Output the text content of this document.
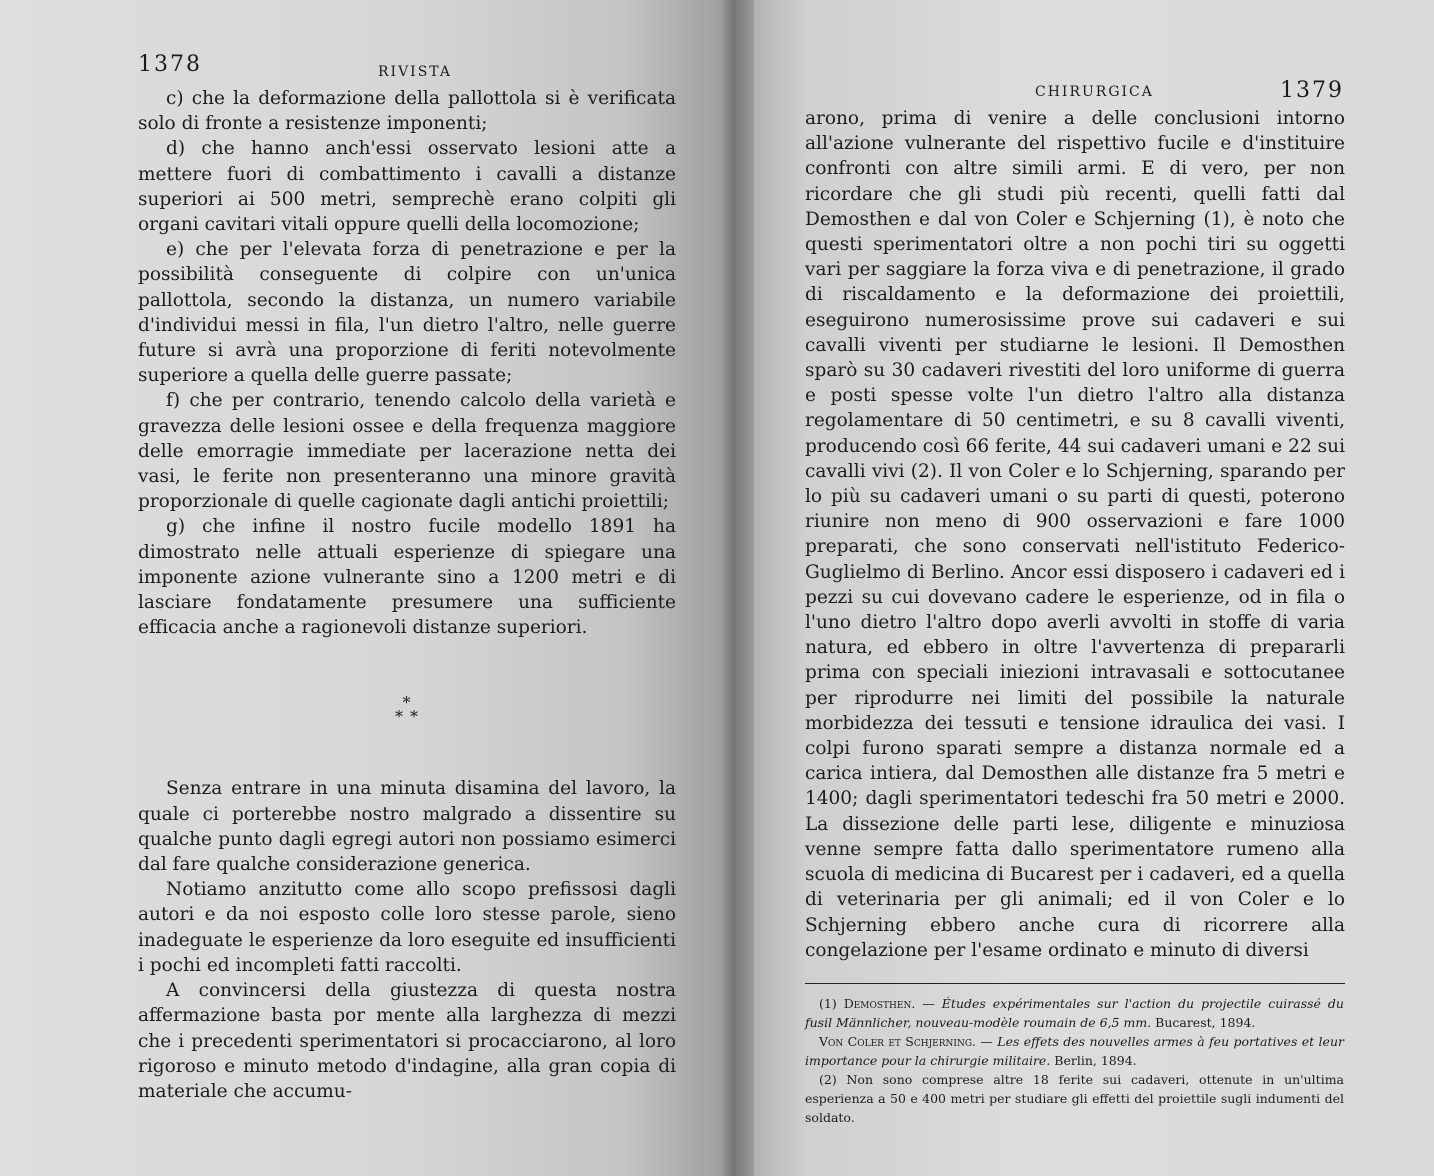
1378	RIVISTA

c) che la deformazione della pallottola si è verificata solo di fronte a resistenze imponenti;

d) che hanno anch'essi osservato lesioni atte a mettere fuori di combattimento i cavalli a distanze superiori ai 500 metri, semprechè erano colpiti gli organi cavitari vitali oppure quelli della locomozione;

e) che per l'elevata forza di penetrazione e per la possibilità conseguente di colpire con un'unica pallottola, secondo la distanza, un numero variabile d'individui messi in fila, l'un dietro l'altro, nelle guerre future si avrà una proporzione di feriti notevolmente superiore a quella delle guerre passate;

f) che per contrario, tenendo calcolo della varietà e gravezza delle lesioni ossee e della frequenza maggiore delle emorragie immediate per lacerazione netta dei vasi, le ferite non presenteranno una minore gravità proporzionale di quelle cagionate dagli antichi proiettili;

g) che infine il nostro fucile modello 1891 ha dimostrato nelle attuali esperienze di spiegare una imponente azione vulnerante sino a 1200 metri e di lasciare fondatamente presumere una sufficiente efficacia anche a ragionevoli distanze superiori.

*
* *

Senza entrare in una minuta disamina del lavoro, la quale ci porterebbe nostro malgrado a dissentire su qualche punto dagli egregi autori non possiamo esimerci dal fare qualche considerazione generica.

Notiamo anzitutto come allo scopo prefissosi dagli autori e da noi esposto colle loro stesse parole, sieno inadeguate le esperienze da loro eseguite ed insufficienti i pochi ed incompleti fatti raccolti.

A convincersi della giustezza di questa nostra affermazione basta por mente alla larghezza di mezzi che i precedenti sperimentatori si procacciarono, al loro rigoroso e minuto metodo d'indagine, alla gran copia di materiale che accumu-

CHIRURGICA	1379

arono, prima di venire a delle conclusioni intorno all'azione vulnerante del rispettivo fucile e d'instituire confronti con altre simili armi. E di vero, per non ricordare che gli studi più recenti, quelli fatti dal Demosthen e dal von Coler e Schjerning (1), è noto che questi sperimentatori oltre a non pochi tiri su oggetti vari per saggiare la forza viva e di penetrazione, il grado di riscaldamento e la deformazione dei proiettili, eseguirono numerosissime prove sui cadaveri e sui cavalli viventi per studiarne le lesioni. Il Demosthen sparò su 30 cadaveri rivestiti del loro uniforme di guerra e posti spesse volte l'un dietro l'altro alla distanza regolamentare di 50 centimetri, e su 8 cavalli viventi, producendo così 66 ferite, 44 sui cadaveri umani e 22 sui cavalli vivi (2). Il von Coler e lo Schjerning, sparando per lo più su cadaveri umani o su parti di questi, poterono riunire non meno di 900 osservazioni e fare 1000 preparati, che sono conservati nell'istituto Federico-Guglielmo di Berlino. Ancor essi disposero i cadaveri ed i pezzi su cui dovevano cadere le esperienze, od in fila o l'uno dietro l'altro dopo averli avvolti in stoffe di varia natura, ed ebbero in oltre l'avvertenza di prepararli prima con speciali iniezioni intravasali e sottocutanee per riprodurre nei limiti del possibile la naturale morbidezza dei tessuti e tensione idraulica dei vasi. I colpi furono sparati sempre a distanza normale ed a carica intiera, dal Demosthen alle distanze fra 5 metri e 1400; dagli sperimentatori tedeschi fra 50 metri e 2000. La dissezione delle parti lese, diligente e minuziosa venne sempre fatta dallo sperimentatore rumeno alla scuola di medicina di Bucarest per i cadaveri, ed a quella di veterinaria per gli animali; ed il von Coler e lo Schjerning ebbero anche cura di ricorrere alla congelazione per l'esame ordinato e minuto di diversi

(1) Demosthen. — Études expérimentales sur l'action du projectile cuirassé du fusil Männlicher, nouveau-modèle roumain de 6,5 mm. Bucarest, 1894.

Von Coler et Schjerning. — Les effets des nouvelles armes à feu portatives et leur importance pour la chirurgie militaire. Berlin, 1894.

(2) Non sono comprese altre 18 ferite sui cadaveri, ottenute in un'ultima esperienza a 50 e 400 metri per studiare gli effetti del proiettile sugli indumenti del soldato.
